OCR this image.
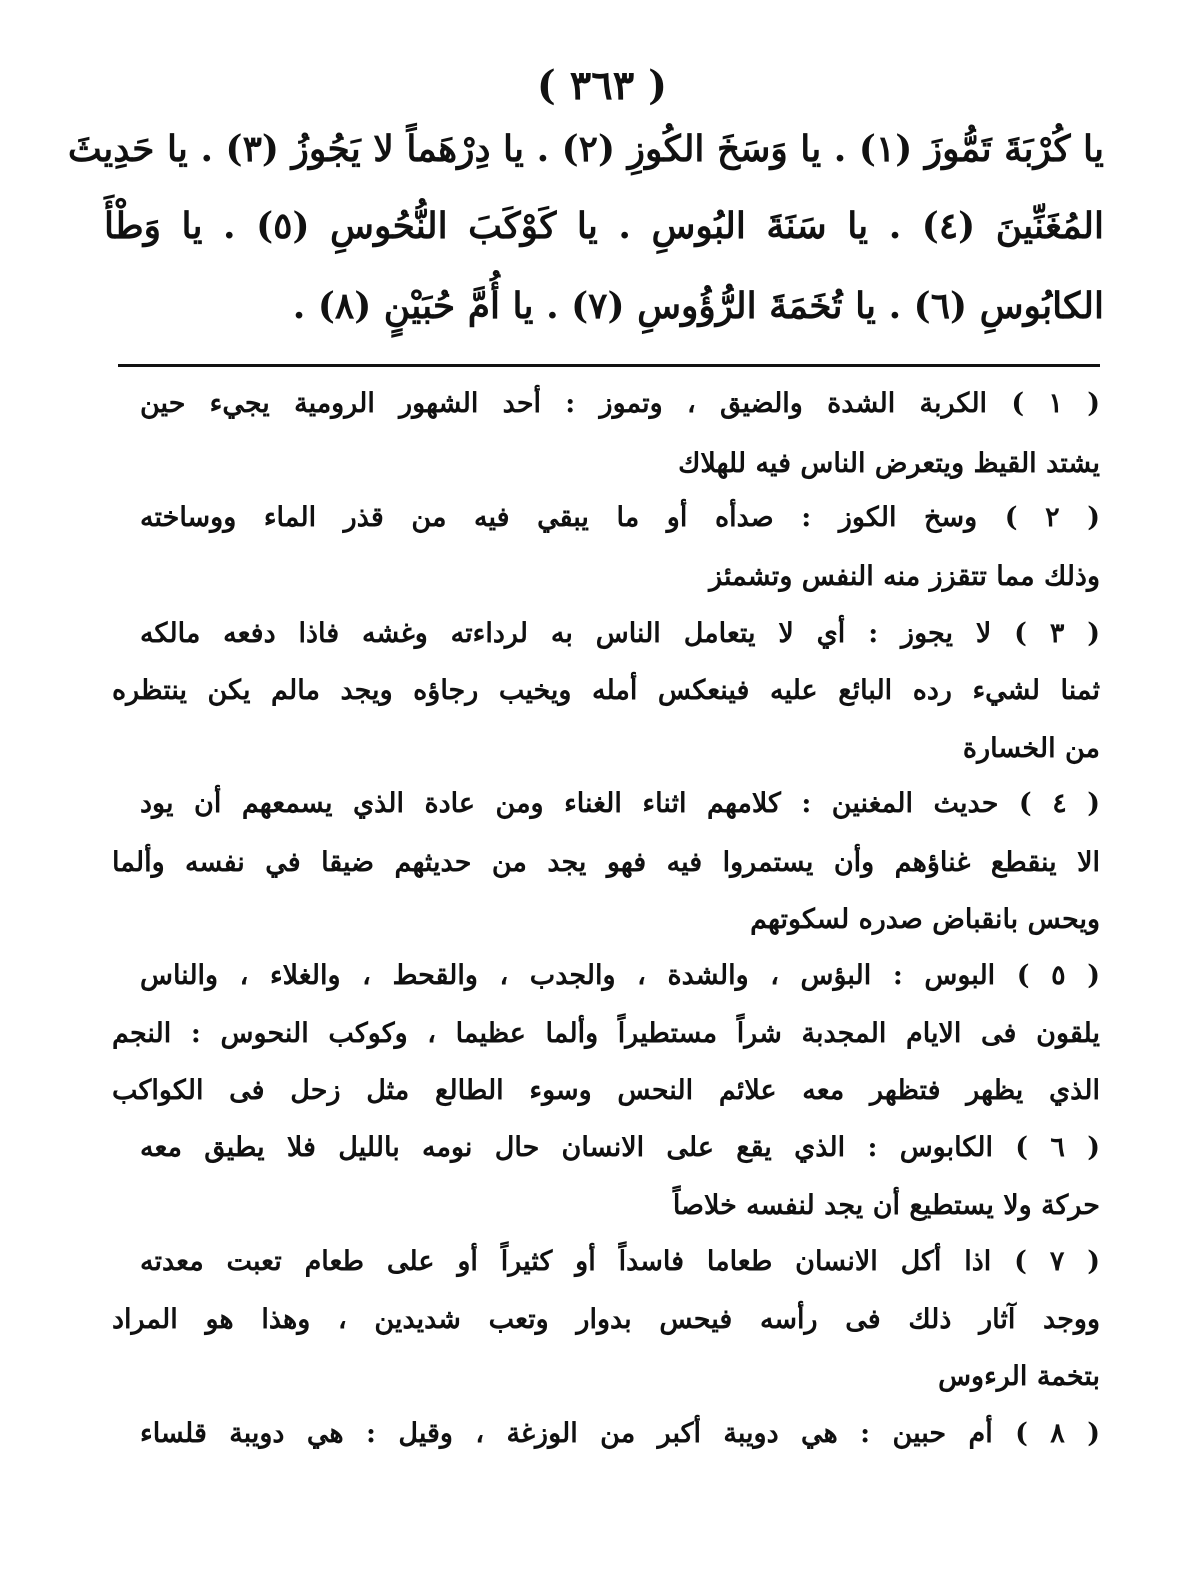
( ٣٦٣ )
يا كُرْبَةَ تَمُّوزَ (١) . يا وَسَخَ الكُوزِ (٢) . يا دِرْهَماً لا يَجُوزُ (٣) . يا حَدِيثَ
المُغَنِّينَ (٤) . يا سَنَةَ البُوسِ . يا كَوْكَبَ النُّحُوسِ (٥) . يا وَطْأَ
الكابُوسِ (٦) . يا تُخَمَةَ الرُّؤُوسِ (٧) . يا أُمَّ حُبَيْنٍ (٨) .
( ١ ) الكربة الشدة والضيق ، وتموز : أحد الشهور الرومية يجيء حين
يشتد القيظ ويتعرض الناس فيه للهلاك
( ٢ ) وسخ الكوز : صدأه أو ما يبقي فيه من قذر الماء ووساخته
وذلك مما تتقزز منه النفس وتشمئز
( ٣ ) لا يجوز : أي لا يتعامل الناس به لرداءته وغشه فاذا دفعه مالكه
ثمنا لشيء رده البائع عليه فينعكس أمله ويخيب رجاؤه ويجد مالم يكن ينتظره
من الخسارة
( ٤ ) حديث المغنين : كلامهم اثناء الغناء ومن عادة الذي يسمعهم أن يود
الا ينقطع غناؤهم وأن يستمروا فيه فهو يجد من حديثهم ضيقا في نفسه وألما
ويحس بانقباض صدره لسكوتهم
( ٥ ) البوس : البؤس ، والشدة ، والجدب ، والقحط ، والغلاء ، والناس
يلقون فى الايام المجدبة شراً مستطيراً وألما عظيما ، وكوكب النحوس : النجم
الذي يظهر فتظهر معه علائم النحس وسوء الطالع مثل زحل فى الكواكب
( ٦ ) الكابوس : الذي يقع على الانسان حال نومه بالليل فلا يطيق معه
حركة ولا يستطيع أن يجد لنفسه خلاصاً
( ٧ ) اذا أكل الانسان طعاما فاسداً أو كثيراً أو على طعام تعبت معدته
ووجد آثار ذلك فى رأسه فيحس بدوار وتعب شديدين ، وهذا هو المراد
بتخمة الرءوس
( ٨ ) أم حبين : هي دويبة أكبر من الوزغة ، وقيل : هي دويبة قلساء
